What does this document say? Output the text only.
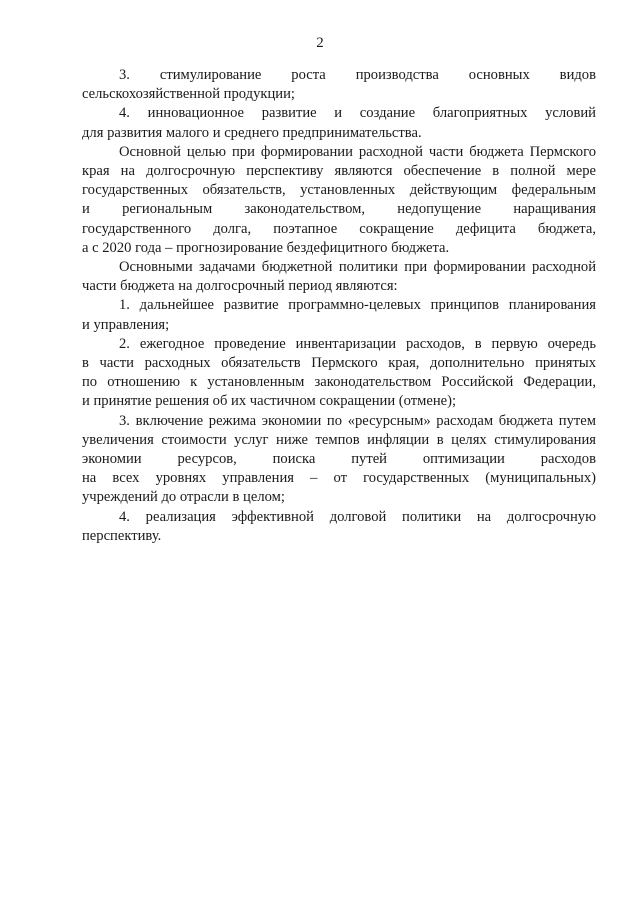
2
3. стимулирование роста производства основных видов
сельскохозяйственной продукции;
4. инновационное развитие и создание благоприятных условий
для развития малого и среднего предпринимательства.
Основной целью при формировании расходной части бюджета Пермского
края на долгосрочную перспективу являются обеспечение в полной мере
государственных обязательств, установленных действующим федеральным
и региональным законодательством, недопущение наращивания
государственного долга, поэтапное сокращение дефицита бюджета,
а с 2020 года – прогнозирование бездефицитного бюджета.
Основными задачами бюджетной политики при формировании расходной
части бюджета на долгосрочный период являются:
1. дальнейшее развитие программно-целевых принципов планирования
и управления;
2. ежегодное проведение инвентаризации расходов, в первую очередь
в части расходных обязательств Пермского края, дополнительно принятых
по отношению к установленным законодательством Российской Федерации,
и принятие решения об их частичном сокращении (отмене);
3. включение режима экономии по «ресурсным» расходам бюджета путем
увеличения стоимости услуг ниже темпов инфляции в целях стимулирования
экономии ресурсов, поиска путей оптимизации расходов
на всех уровнях управления – от государственных (муниципальных)
учреждений до отрасли в целом;
4. реализация эффективной долговой политики на долгосрочную
перспективу.
